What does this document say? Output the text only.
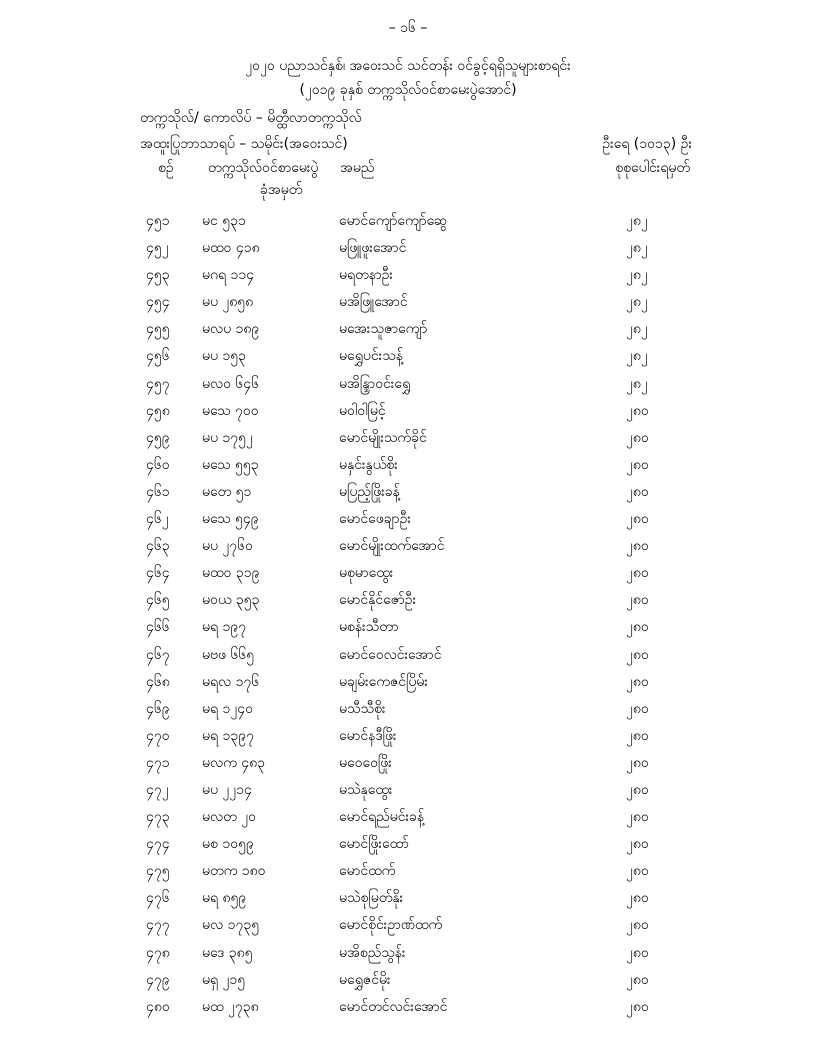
– ၁၆ –
၂၀၂၀ ပညာသင်နှစ်၊ အဝေးသင် သင်တန်း ဝင်ခွင့်ရရှိသူများစာရင်း
(၂၀၁၉ ခုနှစ် တက္ကသိုလ်ဝင်စာမေးပွဲအောင်)
တက္ကသိုလ်/ ကောလိပ် – မိတ္ထီလာတက္ကသိုလ်
အထူးပြုဘာသာရပ် – သမိုင်း(အဝေးသင်)	ဦးရေ (၁၀၁၃) ဦး
စဉ် တက္ကသိုလ်ဝင်စာမေးပွဲ
ခုံအမှတ်
အမည်	စုစုပေါင်းရမှတ်
၄၅၁ မင ၅၃၁	မောင်ကျော်ကျော်ဆွေ	၂၈၂
၄၅၂ မထဝ ၄၁၈	မဖြူဖူးအောင်	၂၈၂
၄၅၃ မဂရ ၁၁၄	မရတနာဦး	၂၈၂
၄၅၄ မပ ၂၈၅၈	မအိဖြူအောင်	၂၈၂
၄၅၅ မလပ ၁၈၉	မအေးသူဇာကျော်	၂၈၂
၄၅၆ မပ ၁၅၃	မရွှေပင်းသန့်	၂၈၂
၄၅၇ မလဝ ၆၄၆	မအိန္ဒြာဝင်းရွှေ	၂၈၂
၄၅၈ မသေ ၇၀၀	မဝါဝါမြင့်	၂၈၀
၄၅၉ မပ ၁၇၅၂	မောင်မျိုးသက်ခိုင်	၂၈၀
၄၆၀ မသေ ၅၅၃	မနှင်းနွယ်စိုး	၂၈၀
၄၆၁ မတေ ၅၁	မပြည့်ဖြိုးခန့်	၂၈၀
၄၆၂ မသေ ၅၄၉	မောင်ဖေချာဦး	၂၈၀
၄၆၃ မပ ၂၇၆၀	မောင်မျိုးထက်အောင်	၂၈၀
၄၆၄ မထဝ ၃၁၉	မစုမာထွေး	၂၈၀
၄၆၅ မဝယ ၃၅၃	မောင်နိုင်ဇော်ဦး	၂၈၀
၄၆၆ မရ ၁၉၇	မစန်းသီတာ	၂၈၀
၄၆၇ မဗဖ ၆၆၅	မောင်ဝေလင်းအောင်	၂၈၀
၄၆၈ မရလ ၁၇၆	မချမ်းကေဇင်ပြိမ်း	၂၈၀
၄၆၉ မရ ၁၂၄၀	မသီသီစိုး	၂၈၀
၄၇၀ မရ ၁၃၉၇	မောင်နဒီဖြိုး	၂၈၀
၄၇၁ မလက ၄၈၃	မဝေဝေဖြိုး	၂၈၀
၄၇၂ မပ ၂၂၁၄	မသဲနုထွေး	၂၈၀
၄၇၃ မလတ ၂၀	မောင်ရည်မင်းခန့်	၂၈၀
၄၇၄ မစ ၁၀၅၉	မောင်ဖြိုးထော်	၂၈၀
၄၇၅ မတက ၁၈၀	မောင်ထက်	၂၈၀
၄၇၆ မရ ၈၅၉	မသဲစုမြတ်နိုး	၂၈၀
၄၇၇ မလ ၁၇၃၅	မောင်စိုင်းဥာဏ်ထက်	၂၈၀
၄၇၈ မဒေ ၃၈၅	မအိစည်သွန်း	၂၈၀
၄၇၉ မရှ ၂၁၅	မရွှေဇင်မိုး	၂၈၀
၄၈၀ မထ ၂၇၃၈	မောင်တင်လင်းအောင်	၂၈၀
